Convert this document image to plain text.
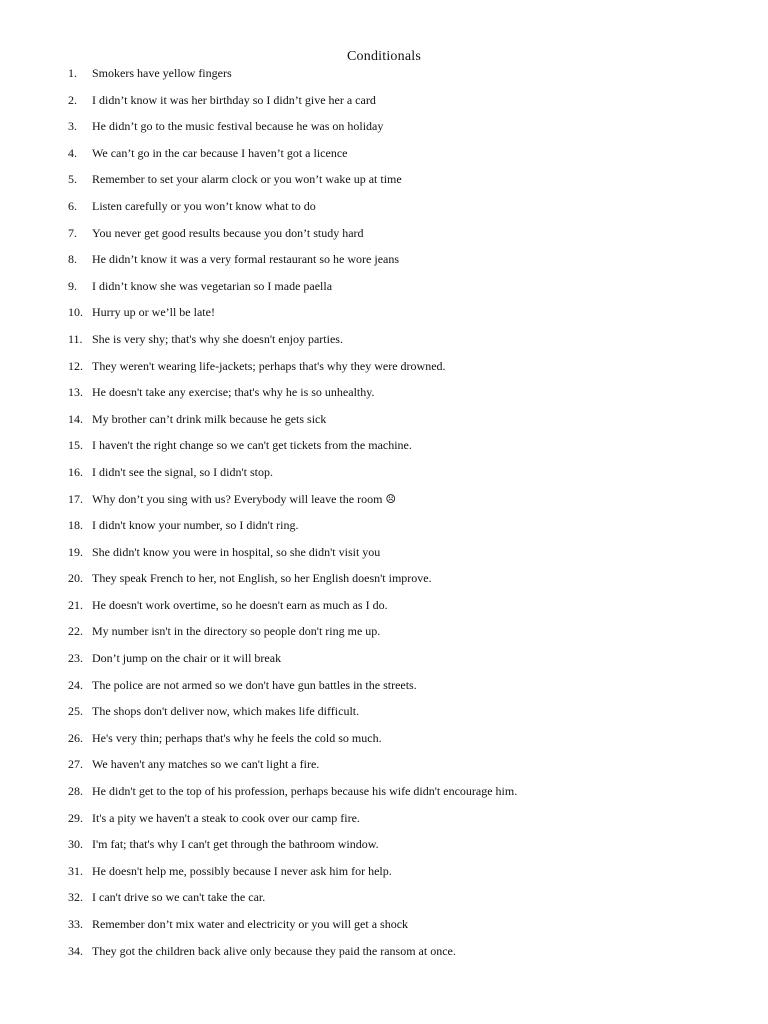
Conditionals
1.	Smokers have yellow fingers
2.	I didn’t know it was her birthday so I didn’t give her a card
3.	He didn’t go to the music festival because he was on holiday
4.	We can’t go in the car because I haven’t got a licence
5.	Remember to set your alarm clock or you won’t wake up at time
6.	Listen carefully or you won’t know what to do
7.	You never get good results because you don’t study hard
8.	He didn’t know it was a very formal restaurant so he wore jeans
9.	I didn’t know she was vegetarian so I made paella
10. Hurry up or we’ll be late!
11. She is very shy; that's why she doesn't enjoy parties.
12. They weren't wearing life-jackets; perhaps that's why they were drowned.
13. He doesn't take any exercise; that's why he is so unhealthy.
14. My brother can’t drink milk because he gets sick
15. I haven't the right change so we can't get tickets from the machine.
16. I didn't see the signal, so I didn't stop.
17. Why don’t you sing with us? Everybody will leave the room ☹
18. I didn't know your number, so I didn't ring.
19. She didn't know you were in hospital, so she didn't visit you
20. They speak French to her, not English, so her English doesn't improve.
21. He doesn't work overtime, so he doesn't earn as much as I do.
22. My number isn't in the directory so people don't ring me up.
23. Don’t jump on the chair or it will break
24. The police are not armed so we don't have gun battles in the streets.
25. The shops don't deliver now, which makes life difficult.
26. He's very thin; perhaps that's why he feels the cold so much.
27. We haven't any matches so we can't light a fire.
28. He didn't get to the top of his profession, perhaps because his wife didn't encourage him.
29. It's a pity we haven't a steak to cook over our camp fire.
30. I'm fat; that's why I can't get through the bathroom window.
31. He doesn't help me, possibly because I never ask him for help.
32. I can't drive so we can't take the car.
33. Remember don’t mix water and electricity or you will get a shock
34. They got the children back alive only because they paid the ransom at once.
